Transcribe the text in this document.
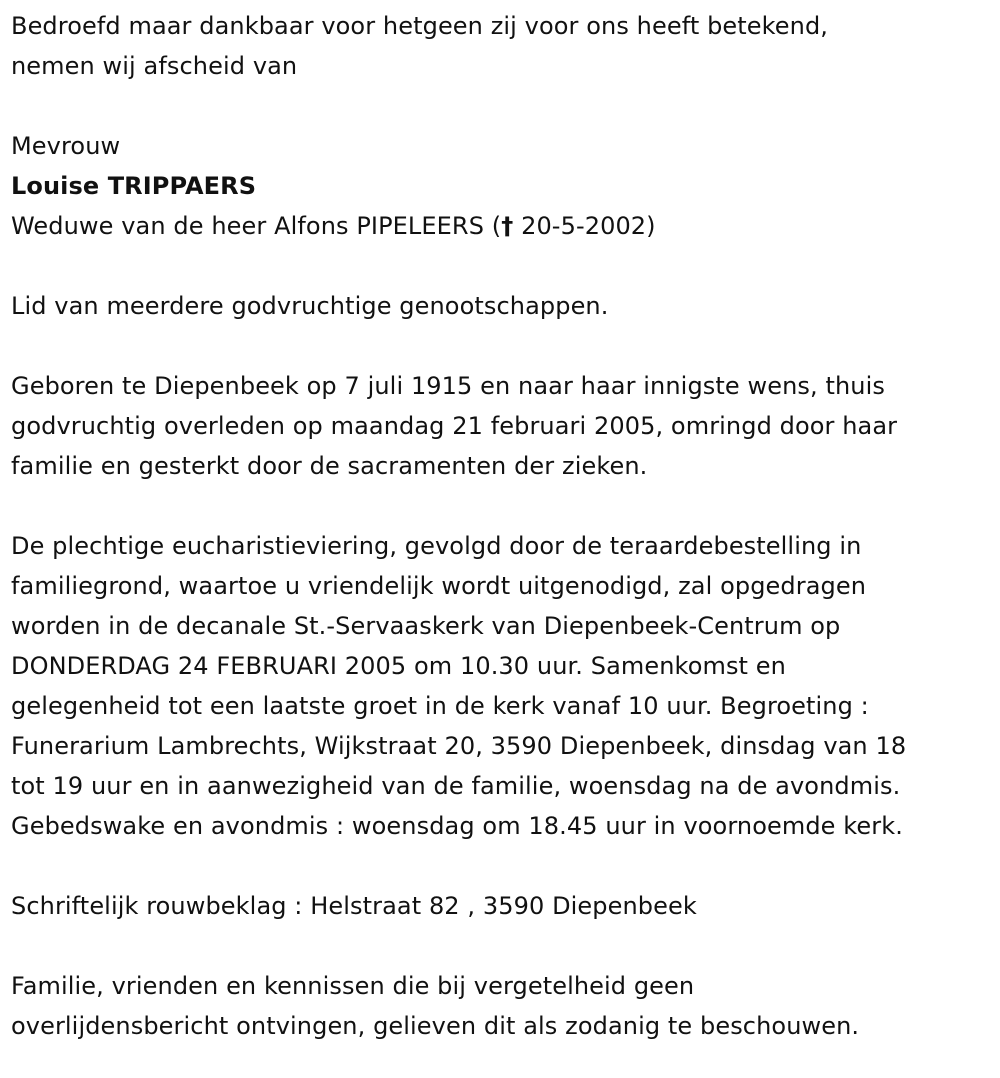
Bedroefd maar dankbaar voor hetgeen zij voor ons heeft betekend,
nemen wij afscheid van
Mevrouw
Louise TRIPPAERS
Weduwe van de heer Alfons PIPELEERS († 20-5-2002)
Lid van meerdere godvruchtige genootschappen.
Geboren te Diepenbeek op 7 juli 1915 en naar haar innigste wens, thuis
godvruchtig overleden op maandag 21 februari 2005, omringd door haar
familie en gesterkt door de sacramenten der zieken.
De plechtige eucharistieviering, gevolgd door de teraardebestelling in
familiegrond, waartoe u vriendelijk wordt uitgenodigd, zal opgedragen
worden in de decanale St.-Servaaskerk van Diepenbeek-Centrum op
DONDERDAG 24 FEBRUARI 2005 om 10.30 uur. Samenkomst en
gelegenheid tot een laatste groet in de kerk vanaf 10 uur. Begroeting :
Funerarium Lambrechts, Wijkstraat 20, 3590 Diepenbeek, dinsdag van 18
tot 19 uur en in aanwezigheid van de familie, woensdag na de avondmis.
Gebedswake en avondmis : woensdag om 18.45 uur in voornoemde kerk.
Schriftelijk rouwbeklag : Helstraat 82 , 3590 Diepenbeek
Familie, vrienden en kennissen die bij vergetelheid geen
overlijdensbericht ontvingen, gelieven dit als zodanig te beschouwen.
